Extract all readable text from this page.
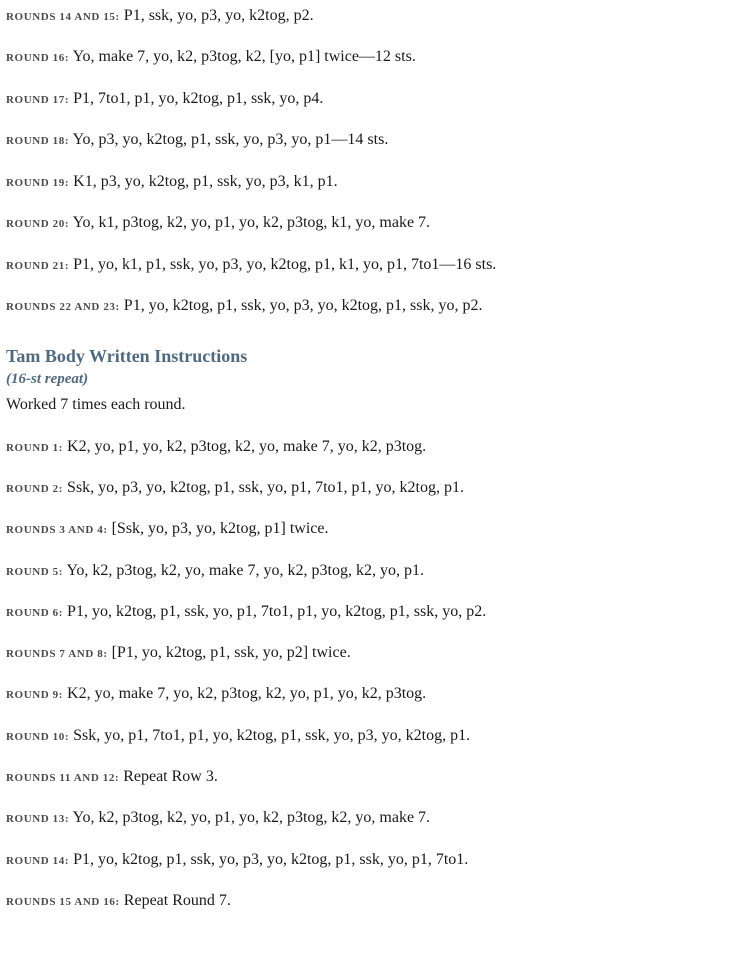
ROUNDS 14 AND 15: P1, ssk, yo, p3, yo, k2tog, p2.
ROUND 16: Yo, make 7, yo, k2, p3tog, k2, [yo, p1] twice—12 sts.
ROUND 17: P1, 7to1, p1, yo, k2tog, p1, ssk, yo, p4.
ROUND 18: Yo, p3, yo, k2tog, p1, ssk, yo, p3, yo, p1—14 sts.
ROUND 19: K1, p3, yo, k2tog, p1, ssk, yo, p3, k1, p1.
ROUND 20: Yo, k1, p3tog, k2, yo, p1, yo, k2, p3tog, k1, yo, make 7.
ROUND 21: P1, yo, k1, p1, ssk, yo, p3, yo, k2tog, p1, k1, yo, p1, 7to1—16 sts.
ROUNDS 22 AND 23: P1, yo, k2tog, p1, ssk, yo, p3, yo, k2tog, p1, ssk, yo, p2.
Tam Body Written Instructions
(16-st repeat)
Worked 7 times each round.
ROUND 1: K2, yo, p1, yo, k2, p3tog, k2, yo, make 7, yo, k2, p3tog.
ROUND 2: Ssk, yo, p3, yo, k2tog, p1, ssk, yo, p1, 7to1, p1, yo, k2tog, p1.
ROUNDS 3 AND 4: [Ssk, yo, p3, yo, k2tog, p1] twice.
ROUND 5: Yo, k2, p3tog, k2, yo, make 7, yo, k2, p3tog, k2, yo, p1.
ROUND 6: P1, yo, k2tog, p1, ssk, yo, p1, 7to1, p1, yo, k2tog, p1, ssk, yo, p2.
ROUNDS 7 AND 8: [P1, yo, k2tog, p1, ssk, yo, p2] twice.
ROUND 9: K2, yo, make 7, yo, k2, p3tog, k2, yo, p1, yo, k2, p3tog.
ROUND 10: Ssk, yo, p1, 7to1, p1, yo, k2tog, p1, ssk, yo, p3, yo, k2tog, p1.
ROUNDS 11 AND 12: Repeat Row 3.
ROUND 13: Yo, k2, p3tog, k2, yo, p1, yo, k2, p3tog, k2, yo, make 7.
ROUND 14: P1, yo, k2tog, p1, ssk, yo, p3, yo, k2tog, p1, ssk, yo, p1, 7to1.
ROUNDS 15 AND 16: Repeat Round 7.
